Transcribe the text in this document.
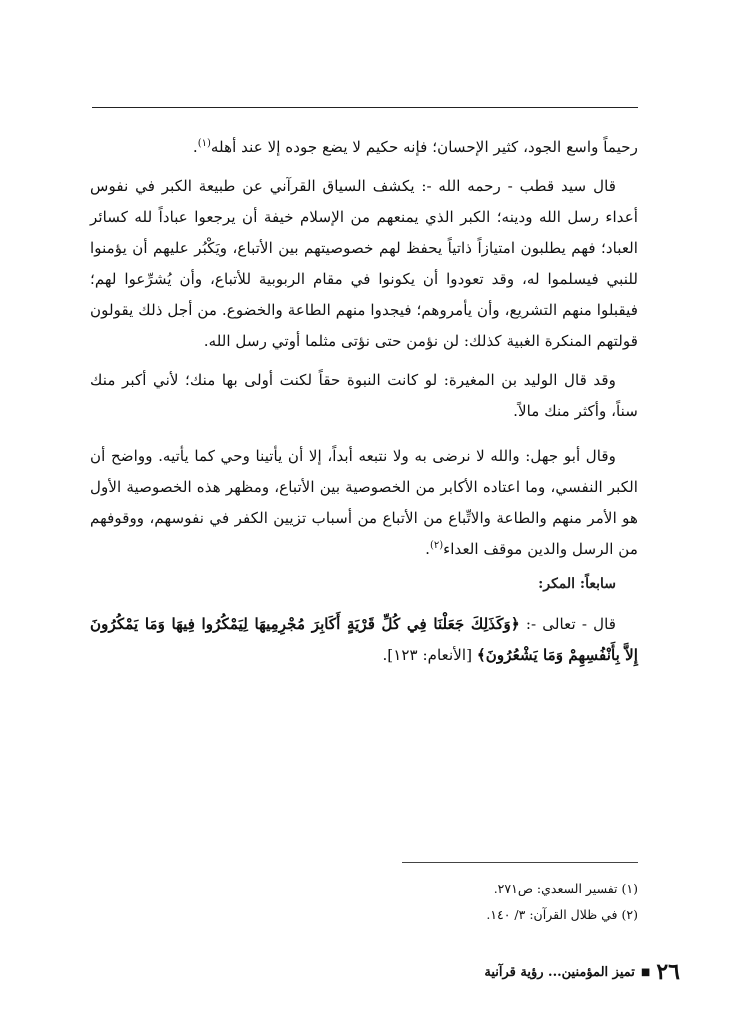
رحيماً واسع الجود، كثير الإحسان؛ فإنه حكيم لا يضع جوده إلا عند أهله$^{(١)}$.

قال سيد قطب - رحمه الله -: يكشف السياق القرآني عن طبيعة الكبر في نفوس أعداء رسل الله ودينه؛ الكبر الذي يمنعهم من الإسلام خيفة أن يرجعوا عباداً لله كسائر العباد؛ فهم يطلبون امتيازاً ذاتياً يحفظ لهم خصوصيتهم بين الأتباع، ويَكْبُر عليهم أن يؤمنوا للنبي فيسلموا له، وقد تعودوا أن يكونوا في مقام الربوبية للأتباع، وأن يُشرِّعوا لهم؛ فيقبلوا منهم التشريع، وأن يأمروهم؛ فيجدوا منهم الطاعة والخضوع. من أجل ذلك يقولون قولتهم المنكرة الغبية كذلك: لن نؤمن حتى نؤتى مثلما أوتي رسل الله.

وقد قال الوليد بن المغيرة: لو كانت النبوة حقاً لكنت أولى بها منك؛ لأني أكبر منك سناً، وأكثر منك مالاً.

وقال أبو جهل: والله لا نرضى به ولا نتبعه أبداً، إلا أن يأتينا وحي كما يأتيه. وواضح أن الكبر النفسي، وما اعتاده الأكابر من الخصوصية بين الأتباع، ومظهر هذه الخصوصية الأول هو الأمر منهم والطاعة والاتِّباع من الأتباع من أسباب تزيين الكفر في نفوسهم، ووقوفهم من الرسل والدين موقف العداء$^{(٢)}$.

سابعاً: المكر:

قال - تعالى -: ﴿وَكَذَلِكَ جَعَلْنَا فِي كُلِّ قَرْيَةٍ أَكَابِرَ مُجْرِمِيهَا لِيَمْكُرُوا فِيهَا وَمَا يَمْكُرُونَ إِلاَّ بِأَنْفُسِهِمْ وَمَا يَشْعُرُونَ﴾ [الأنعام: ١٢٣].

(١) تفسير السعدي: ص٢٧١.

(٢) في ظلال القرآن: ٣/ ١٤٠.

٢٦
■
تميز المؤمنين... رؤية قرآنية
